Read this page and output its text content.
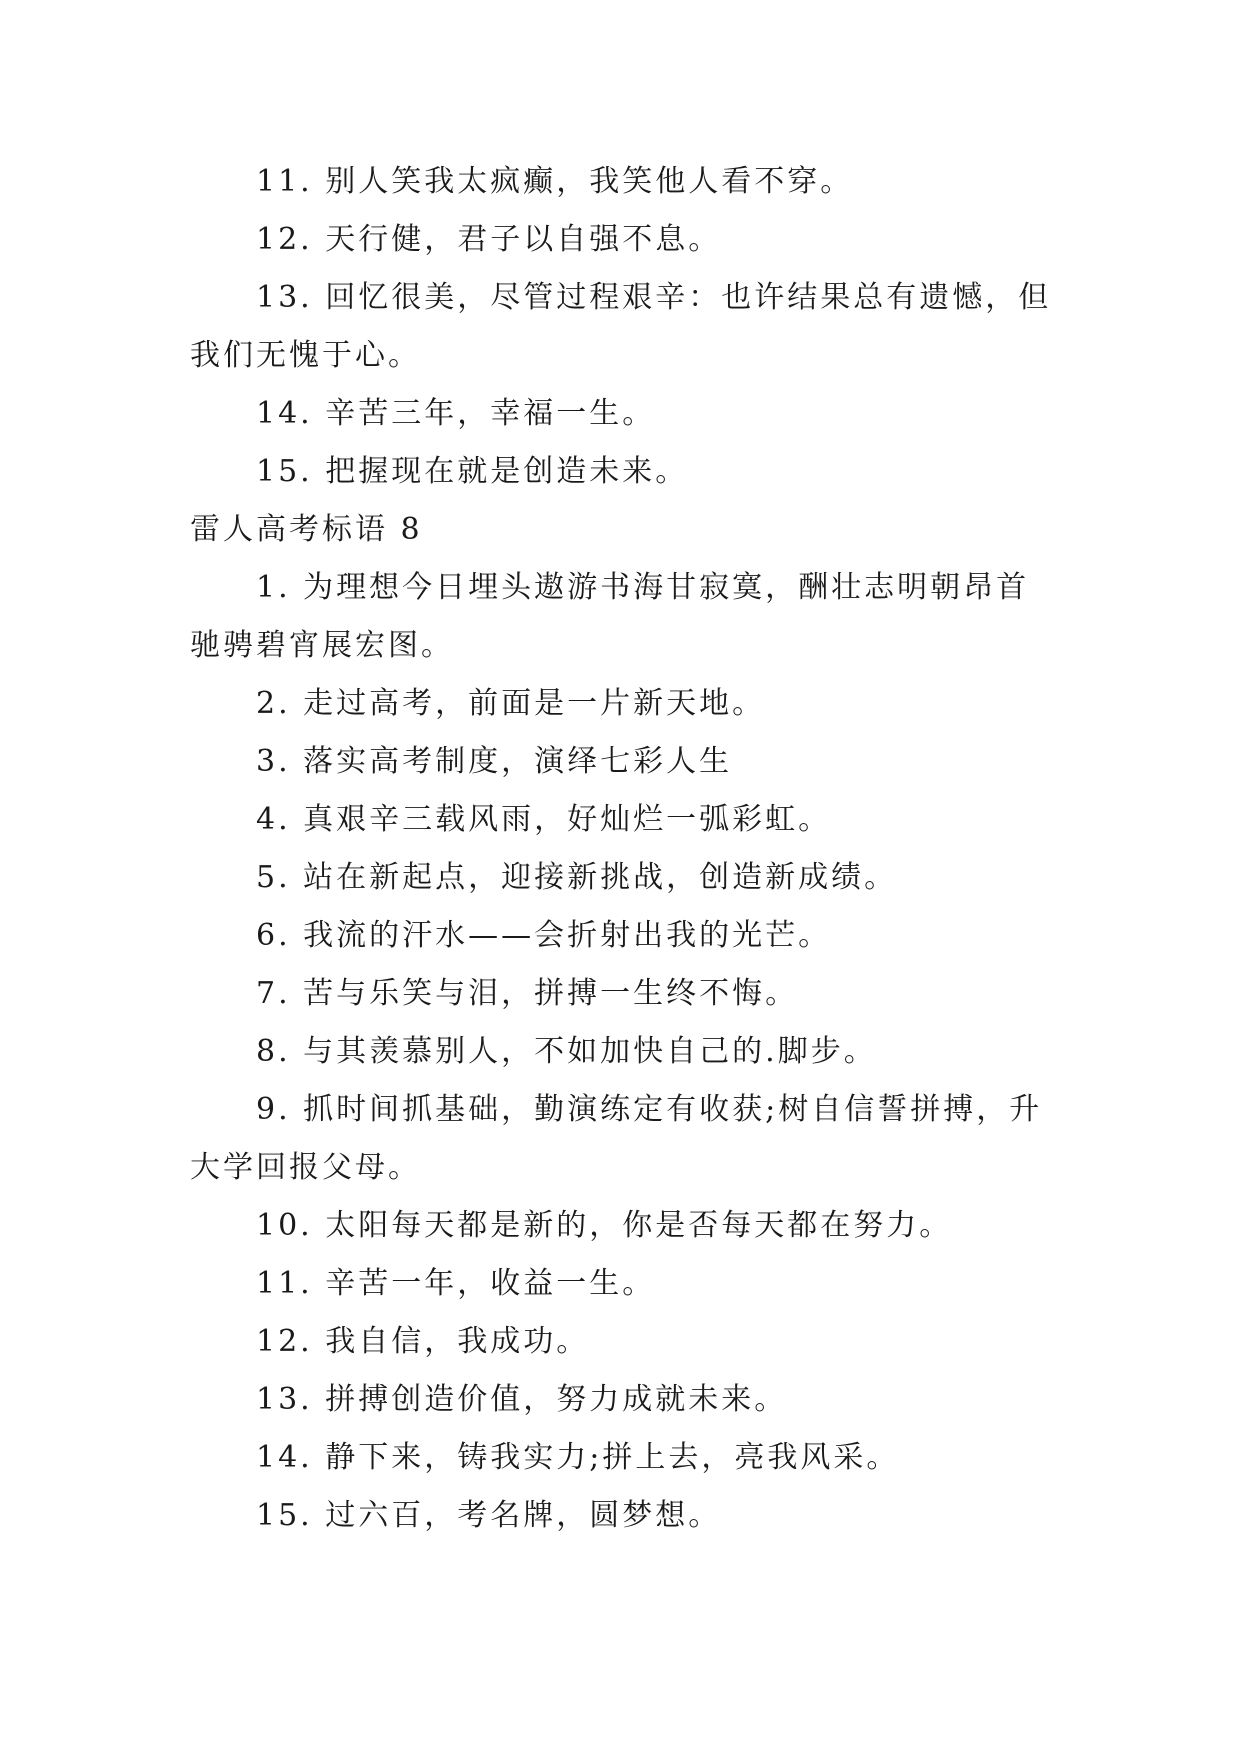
11. 别人笑我太疯癫，我笑他人看不穿。

12. 天行健，君子以自强不息。

13. 回忆很美，尽管过程艰辛：也许结果总有遗憾，但我们无愧于心。

14. 辛苦三年，幸福一生。

15. 把握现在就是创造未来。

雷人高考标语 8

1. 为理想今日埋头遨游书海甘寂寞，酬壮志明朝昂首驰骋碧宵展宏图。

2. 走过高考，前面是一片新天地。

3. 落实高考制度，演绎七彩人生

4. 真艰辛三载风雨，好灿烂一弧彩虹。

5. 站在新起点，迎接新挑战，创造新成绩。

6. 我流的汗水——会折射出我的光芒。

7. 苦与乐笑与泪，拼搏一生终不悔。

8. 与其羡慕别人，不如加快自己的.脚步。

9. 抓时间抓基础，勤演练定有收获;树自信誓拼搏，升大学回报父母。

10. 太阳每天都是新的，你是否每天都在努力。

11. 辛苦一年，收益一生。

12. 我自信，我成功。

13. 拼搏创造价值，努力成就未来。

14. 静下来，铸我实力;拼上去，亮我风采。

15. 过六百，考名牌，圆梦想。
